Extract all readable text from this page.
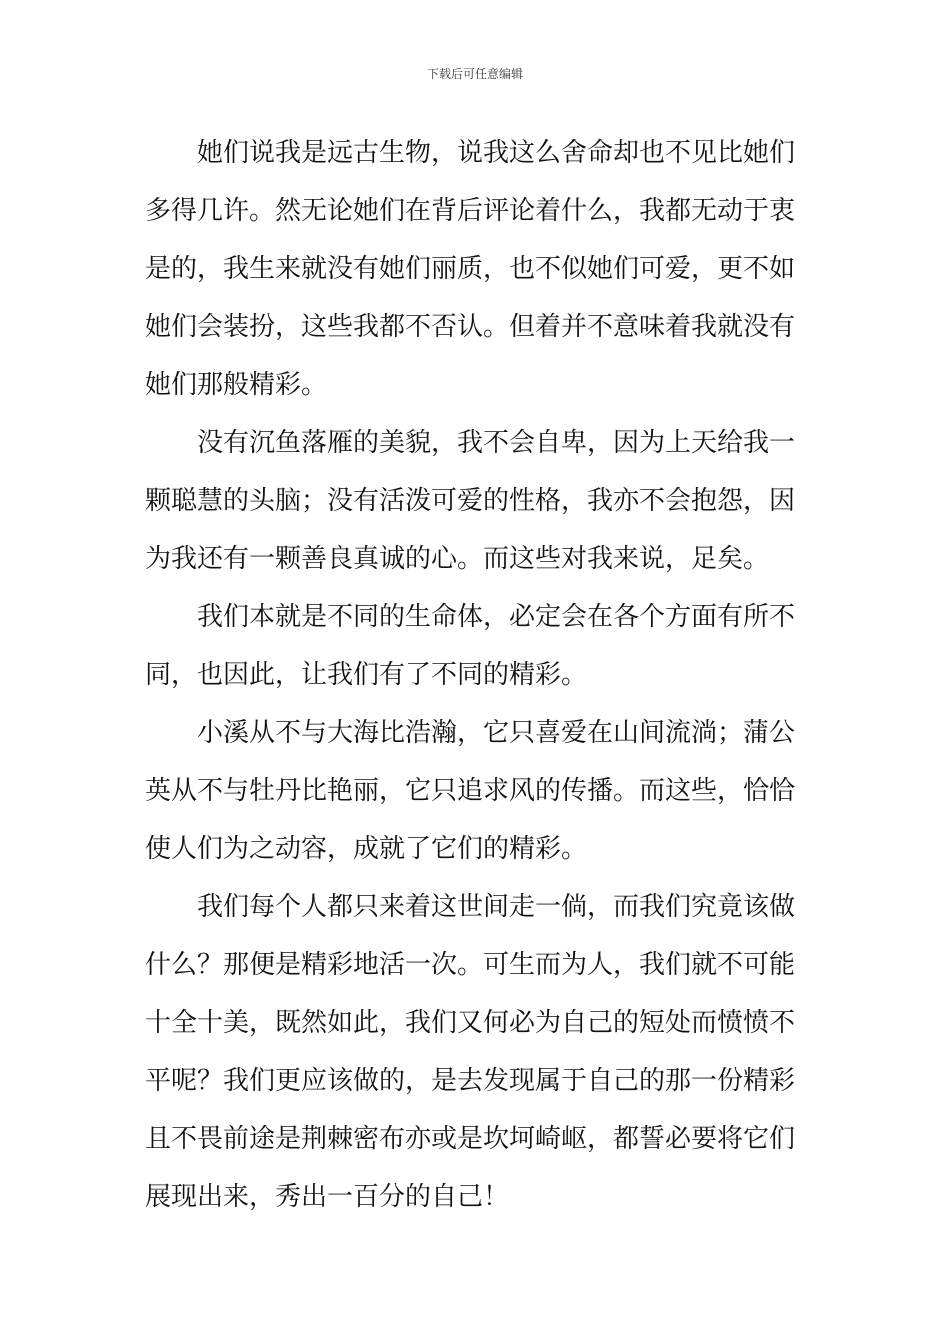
下载后可任意编辑
她们说我是远古生物，说我这么舍命却也不见比她们
多得几许。然无论她们在背后评论着什么，我都无动于衷
是的，我生来就没有她们丽质，也不似她们可爱，更不如
她们会装扮，这些我都不否认。但着并不意味着我就没有
她们那般精彩。
没有沉鱼落雁的美貌，我不会自卑，因为上天给我一
颗聪慧的头脑；没有活泼可爱的性格，我亦不会抱怨，因
为我还有一颗善良真诚的心。而这些对我来说，足矣。
我们本就是不同的生命体，必定会在各个方面有所不
同，也因此，让我们有了不同的精彩。
小溪从不与大海比浩瀚，它只喜爱在山间流淌；蒲公
英从不与牡丹比艳丽，它只追求风的传播。而这些，恰恰
使人们为之动容，成就了它们的精彩。
我们每个人都只来着这世间走一倘，而我们究竟该做
什么？那便是精彩地活一次。可生而为人，我们就不可能
十全十美，既然如此，我们又何必为自己的短处而愤愤不
平呢？我们更应该做的，是去发现属于自己的那一份精彩
且不畏前途是荆棘密布亦或是坎坷崎岖，都誓必要将它们
展现出来，秀出一百分的自己！
